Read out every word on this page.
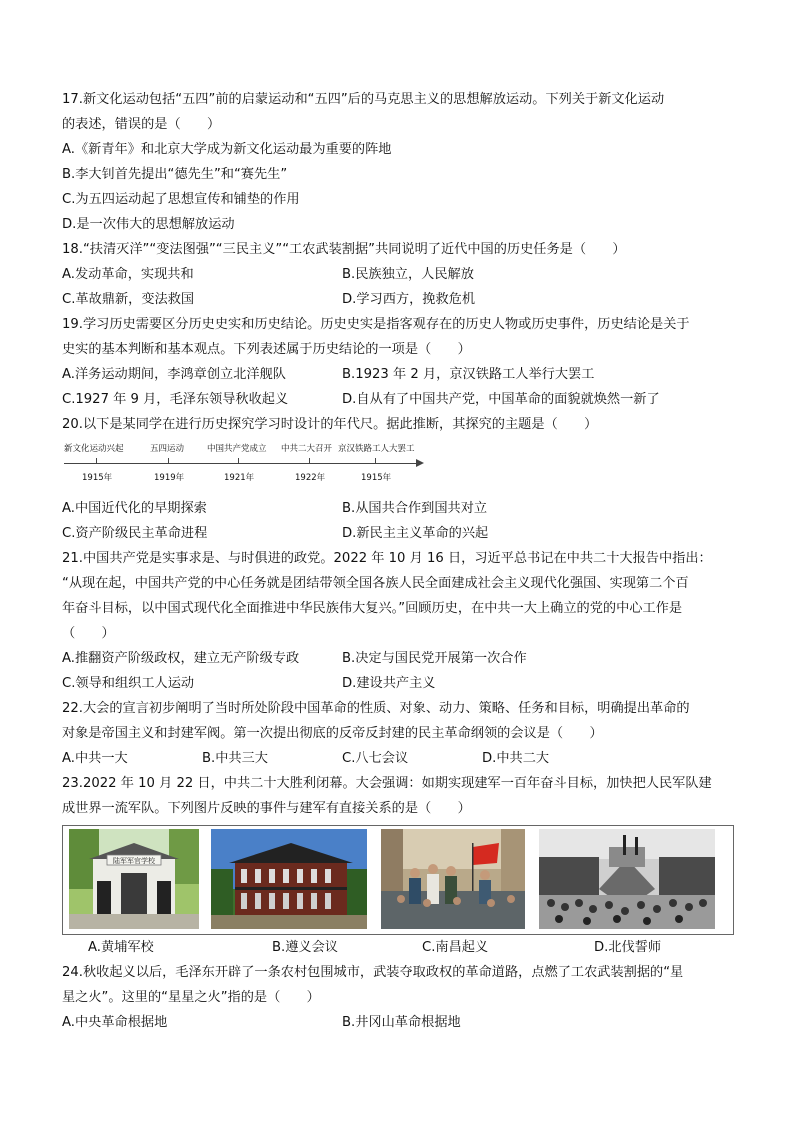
17.新文化运动包括“五四”前的启蒙运动和“五四”后的马克思主义的思想解放运动。下列关于新文化运动
的表述，错误的是（　　）
A.《新青年》和北京大学成为新文化运动最为重要的阵地
B.李大钊首先提出“德先生”和“赛先生”
C.为五四运动起了思想宣传和铺垫的作用
D.是一次伟大的思想解放运动
18.“扶清灭洋”“变法图强”“三民主义”“工农武装割据”共同说明了近代中国的历史任务是（　　）
A.发动革命，实现共和	B.民族独立，人民解放
C.革故鼎新，变法救国	D.学习西方，挽救危机
19.学习历史需要区分历史史实和历史结论。历史史实是指客观存在的历史人物或历史事件，历史结论是关于
史实的基本判断和基本观点。下列表述属于历史结论的一项是（　　）
A.洋务运动期间，李鸿章创立北洋舰队	B.1923 年 2 月，京汉铁路工人举行大罢工
C.1927 年 9 月，毛泽东领导秋收起义	D.自从有了中国共产党，中国革命的面貌就焕然一新了
20.以下是某同学在进行历史探究学习时设计的年代尺。据此推断，其探究的主题是（　　）
新文化运动兴起
1915年
五四运动
1919年
中国共产党成立
1921年
中共二大召开
1922年
京汉铁路工人大罢工
1915年
A.中国近代化的早期探索	B.从国共合作到国共对立
C.资产阶级民主革命进程	D.新民主主义革命的兴起
21.中国共产党是实事求是、与时俱进的政党。2022 年 10 月 16 日，习近平总书记在中共二十大报告中指出：
“从现在起，中国共产党的中心任务就是团结带领全国各族人民全面建成社会主义现代化强国、实现第二个百
年奋斗目标，以中国式现代化全面推进中华民族伟大复兴。”回顾历史，在中共一大上确立的党的中心工作是
（　　）
A.推翻资产阶级政权，建立无产阶级专政	B.决定与国民党开展第一次合作
C.领导和组织工人运动	D.建设共产主义
22.大会的宣言初步阐明了当时所处阶段中国革命的性质、对象、动力、策略、任务和目标，明确提出革命的
对象是帝国主义和封建军阀。第一次提出彻底的反帝反封建的民主革命纲领的会议是（　　）
A.中共一大	B.中共三大	C.八七会议	D.中共二大
23.2022 年 10 月 22 日，中共二十大胜利闭幕。大会强调：如期实现建军一百年奋斗目标，加快把人民军队建
成世界一流军队。下列图片反映的事件与建军有直接关系的是（　　）
陆军军官学校
A.黄埔军校	B.遵义会议	C.南昌起义	D.北伐誓师
24.秋收起义以后，毛泽东开辟了一条农村包围城市，武装夺取政权的革命道路，点燃了工农武装割据的“星
星之火”。这里的“星星之火”指的是（　　）
A.中央革命根据地	B.井冈山革命根据地
